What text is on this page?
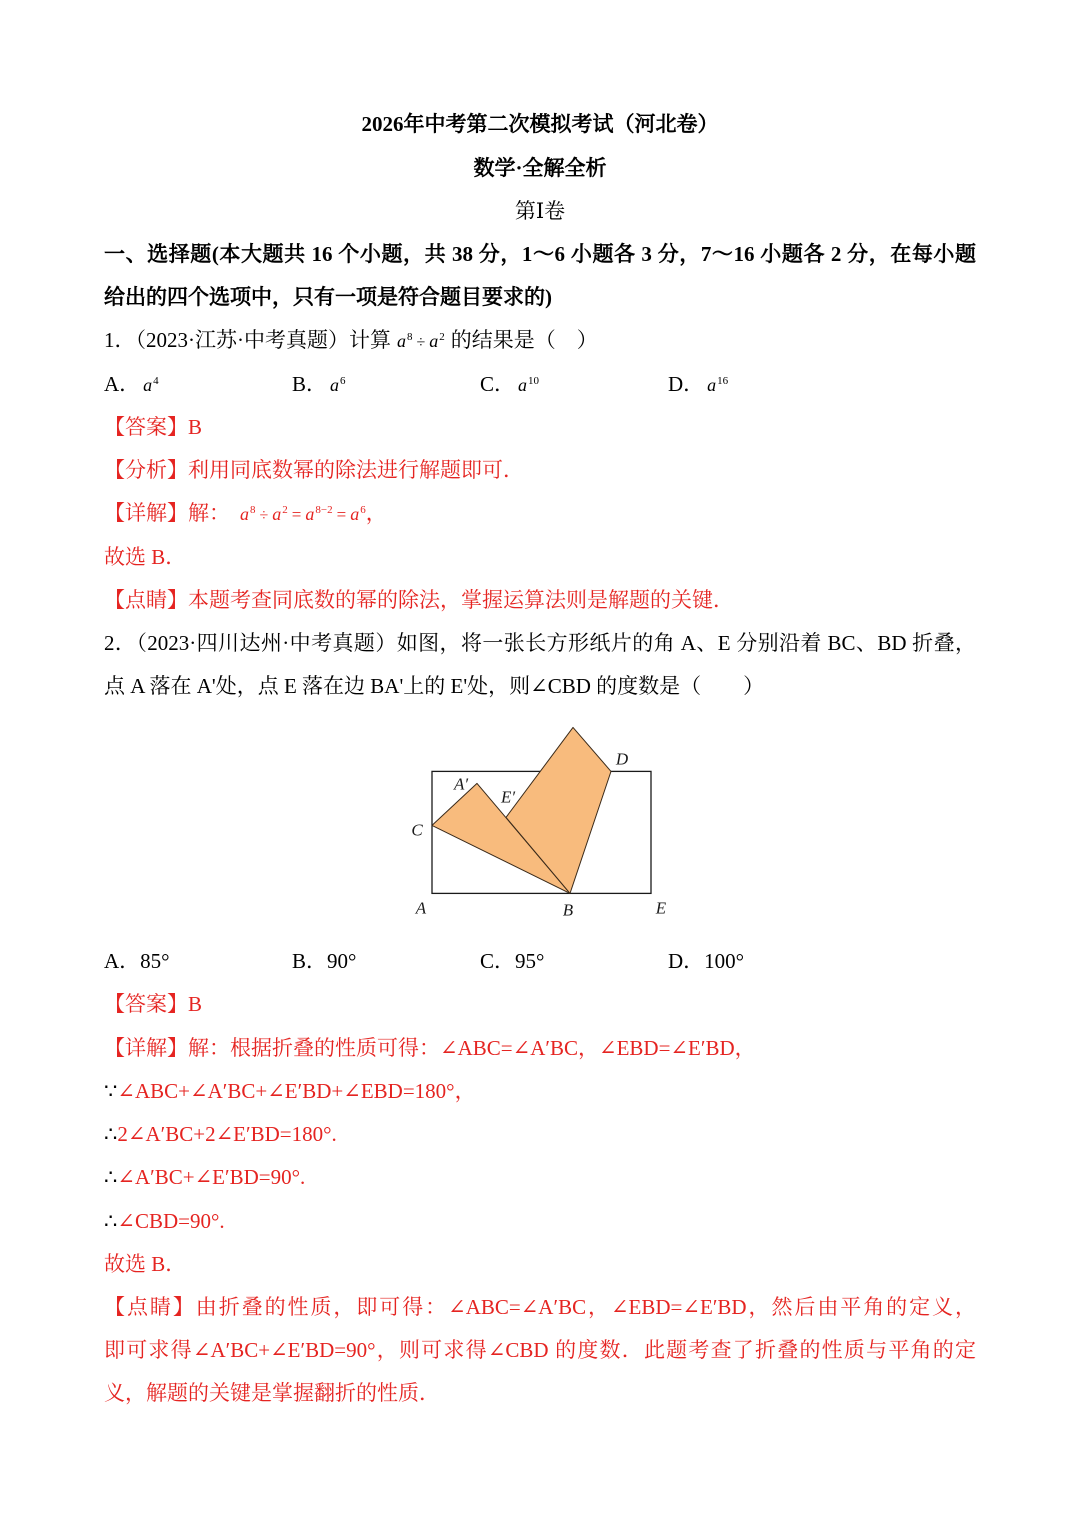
2026年中考第二次模拟考试（河北卷）
数学·全解全析
第Ⅰ卷
一、选择题(本大题共 16 个小题，共 38 分，1～6 小题各 3 分，7～16 小题各 2 分，在每小题
给出的四个选项中，只有一项是符合题目要求的)
1．（2023·江苏·中考真题）计算 $a^8 \div a^2$ 的结果是（　）
A． $a^4$	B． $a^6$	C． $a^{10}$	D． $a^{16}$
【答案】B
【分析】利用同底数幂的除法进行解题即可．
【详解】解： $a^8 \div a^2 = a^{8-2} = a^6$，
故选 B．
【点睛】本题考查同底数的幂的除法，掌握运算法则是解题的关键．
2．（2023·四川达州·中考真题）如图，将一张长方形纸片的角 A、E 分别沿着 BC、BD 折叠，
点 A 落在 A'处，点 E 落在边 BA'上的 E'处，则∠CBD 的度数是（　　）
A′
E′
C
D
A	B	E
A．85°	B．90°	C．95°	D．100°
【答案】B
【详解】解：根据折叠的性质可得：∠ABC=∠A′BC，∠EBD=∠E′BD，
∵∠ABC+∠A′BC+∠E′BD+∠EBD=180°，
∴2∠A′BC+2∠E′BD=180°.
∴∠A′BC+∠E′BD=90°.
∴∠CBD=90°.
故选 B．
【点睛】由折叠的性质，即可得：∠ABC=∠A′BC，∠EBD=∠E′BD，然后由平角的定义，
即可求得∠A′BC+∠E′BD=90°，则可求得∠CBD 的度数．此题考查了折叠的性质与平角的定
义，解题的关键是掌握翻折的性质．
